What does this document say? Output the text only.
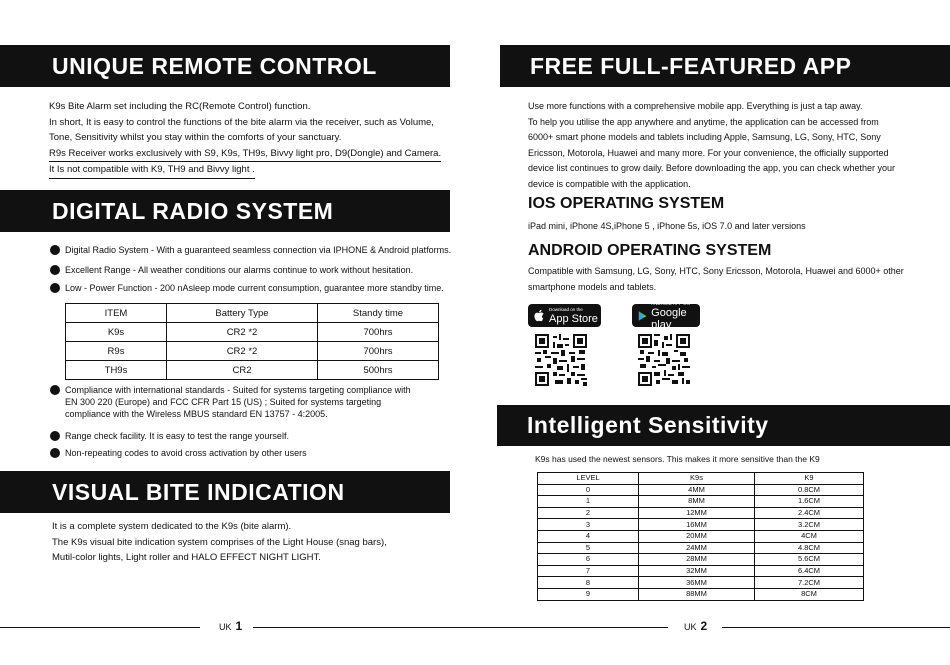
UNIQUE REMOTE CONTROL
K9s Bite Alarm set including the RC(Remote Control) function.
In short, It is easy to control the functions of the bite alarm via the receiver, such as Volume,
Tone, Sensitivity whilst you stay within the comforts of your sanctuary.
R9s Receiver works exclusively with S9, K9s, TH9s, Bivvy light pro, D9(Dongle) and Camera.
It Is not compatible with K9, TH9 and Bivvy light .
DIGITAL RADIO SYSTEM
Digital Radio System - With a guaranteed seamless connection via IPHONE & Android platforms.
Excellent Range - All weather conditions our alarms continue to work without hesitation.
Low - Power Function - 200 nAsleep mode current consumption, guarantee more standby time.
ITEM	Battery Type	Standy time
K9s	CR2 *2	700hrs
R9s	CR2 *2	700hrs
TH9s	CR2	500hrs
Compliance with international standards - Suited for systems targeting compliance with
EN 300 220 (Europe) and FCC CFR Part 15 (US) ; Suited for systems targeting
compliance with the Wireless MBUS standard EN 13757 - 4:2005.
Range check facility. It is easy to test the range yourself.
Non-repeating codes to avoid cross activation by other users
VISUAL BITE INDICATION
It is a complete system dedicated to the K9s (bite alarm).
The K9s visual bite indication system comprises of the Light House (snag bars),
Mutil-color lights, Light roller and HALO EFFECT NIGHT LIGHT.
UK 1
FREE FULL-FEATURED APP
Use more functions with a comprehensive mobile app. Everything is just a tap away.
To help you utilise the app anywhere and anytime, the application can be accessed from
6000+ smart phone models and tablets including Apple, Samsung, LG, Sony, HTC, Sony
Ericsson, Motorola, Huawei and many more. For your convenience, the officially supported
device list continues to grow daily. Before downloading the app, you can check whether your
device is compatible with the application.
IOS OPERATING SYSTEM
iPad mini, iPhone 4S,iPhone 5 , iPhone 5s, iOS 7.0 and later versions
ANDROID OPERATING SYSTEM
Compatible with Samsung, LG, Sony, HTC, Sony Ericsson, Motorola, Huawei and 6000+ other
smartphone models and tablets.
Download on the
App Store
ANDROID APP ON
Google play
Intelligent Sensitivity
K9s has used the newest sensors. This makes it more sensitive than the K9
LEVEL	K9s	K9
0	4MM	0.8CM
1	8MM	1.6CM
2	12MM	2.4CM
3	16MM	3.2CM
4	20MM	4CM
5	24MM	4.8CM
6	28MM	5.6CM
7	32MM	6.4CM
8	36MM	7.2CM
9	88MM	8CM
UK 2
